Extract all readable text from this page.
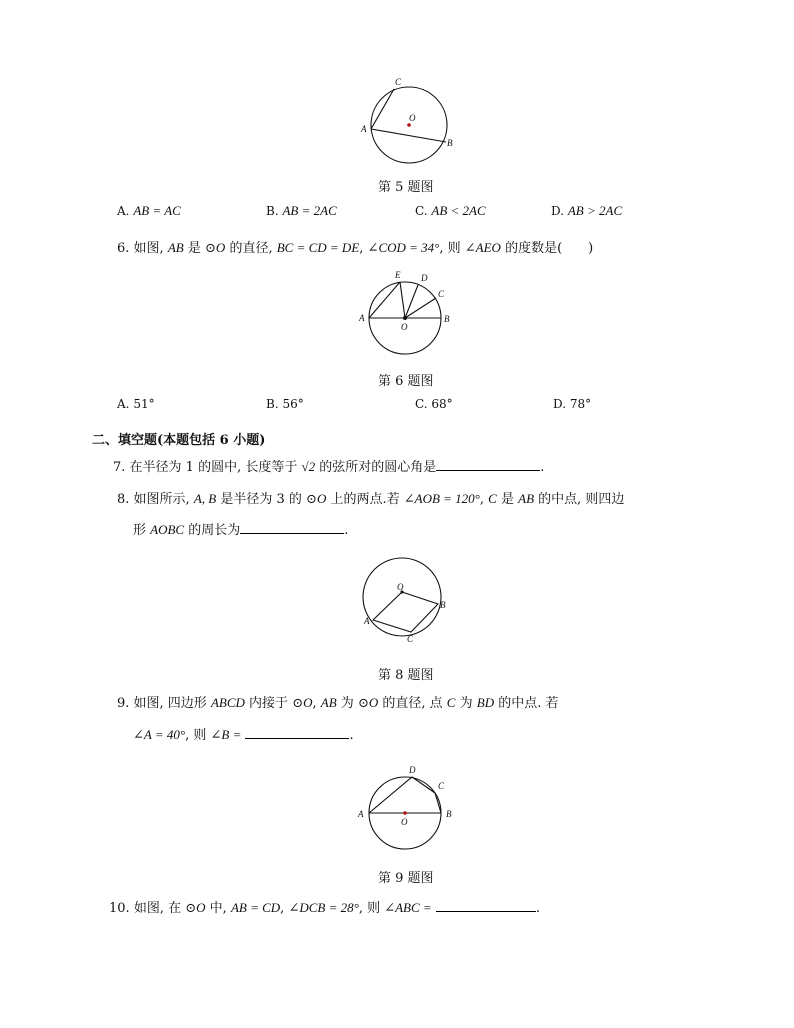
C
A
B
O
第 5 题图
A. AB = AC	B. AB = 2AC	C. AB < 2AC	D. AB > 2AC
6. 如图, AB 是 ⊙O 的直径, BC = CD = DE, ∠COD = 34°, 则 ∠AEO 的度数是(　　)
E D
C
A	B
O
第 6 题图
A. 51°	B. 56°	C. 68°	D. 78°
二、填空题(本题包括 6 小题)
7. 在半径为 1 的圆中, 长度等于 √2 的弦所对的圆心角是	.
8. 如图所示, A, B 是半径为 3 的 ⊙O 上的两点.若 ∠AOB = 120°, C 是 AB 的中点, 则四边
形 AOBC 的周长为	.
O
B
A
C
第 8 题图
9. 如图, 四边形 ABCD 内接于 ⊙O, AB 为 ⊙O 的直径, 点 C 为 BD 的中点. 若
∠A = 40°, 则 ∠B =	.
D
C
A	B
O
第 9 题图
10. 如图, 在 ⊙O 中, AB = CD, ∠DCB = 28°, 则 ∠ABC =	.
